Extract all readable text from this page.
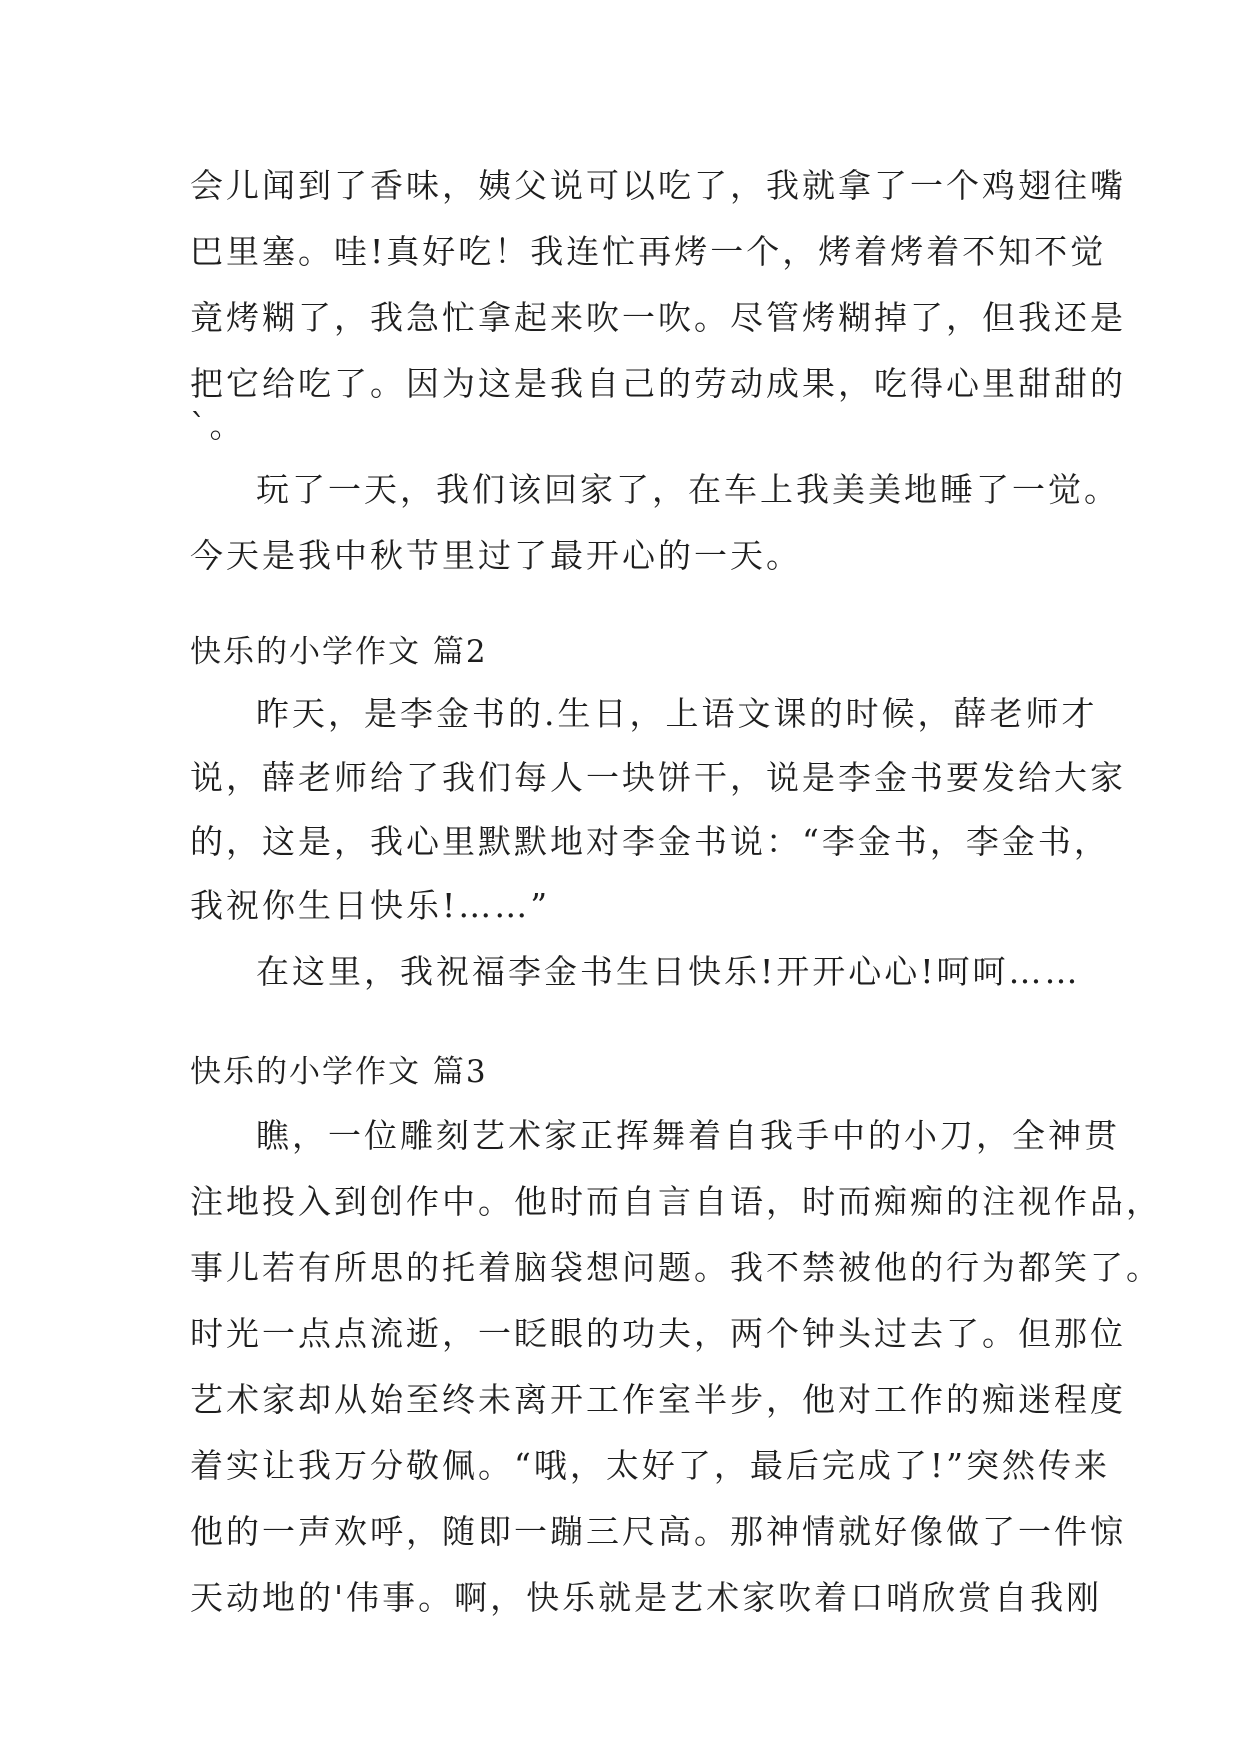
会儿闻到了香味，姨父说可以吃了，我就拿了一个鸡翅往嘴
巴里塞。哇!真好吃！我连忙再烤一个，烤着烤着不知不觉
竟烤糊了，我急忙拿起来吹一吹。尽管烤糊掉了，但我还是
把它给吃了。因为这是我自己的劳动成果，吃得心里甜甜的
`。
玩了一天，我们该回家了，在车上我美美地睡了一觉。
今天是我中秋节里过了最开心的一天。
快乐的小学作文 篇2
昨天，是李金书的.生日，上语文课的时候，薛老师才
说，薛老师给了我们每人一块饼干，说是李金书要发给大家
的，这是，我心里默默地对李金书说：“李金书，李金书，
我祝你生日快乐!……”
在这里，我祝福李金书生日快乐!开开心心!呵呵……
快乐的小学作文 篇3
瞧，一位雕刻艺术家正挥舞着自我手中的小刀，全神贯
注地投入到创作中。他时而自言自语，时而痴痴的注视作品，
事儿若有所思的托着脑袋想问题。我不禁被他的行为都笑了。
时光一点点流逝，一眨眼的功夫，两个钟头过去了。但那位
艺术家却从始至终未离开工作室半步，他对工作的痴迷程度
着实让我万分敬佩。“哦，太好了，最后完成了!”突然传来
他的一声欢呼，随即一蹦三尺高。那神情就好像做了一件惊
天动地的'伟事。啊，快乐就是艺术家吹着口哨欣赏自我刚
